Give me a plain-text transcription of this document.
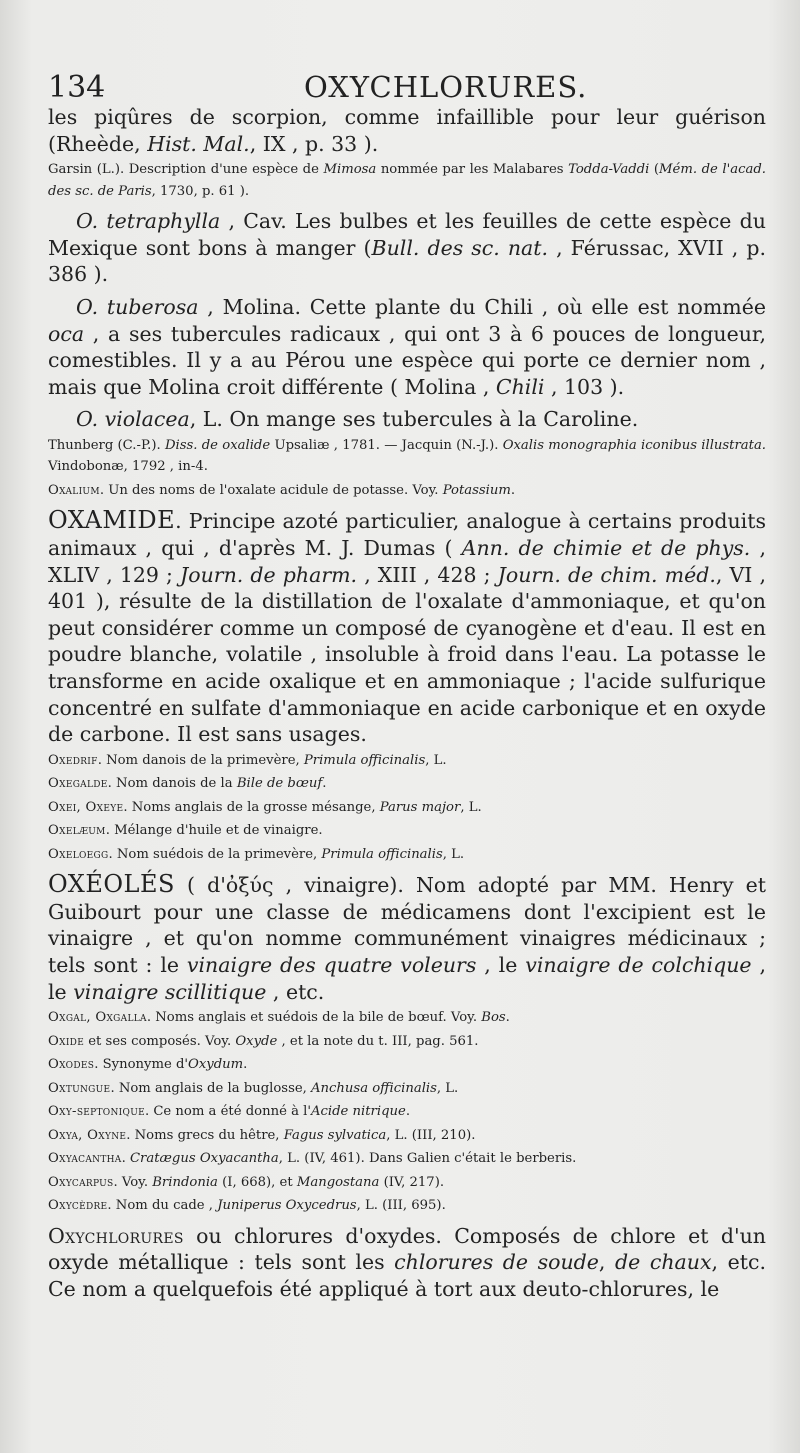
134	OXYCHLORURES.

les piqûres de scorpion, comme infaillible pour leur guérison (Rheède, Hist. Mal., IX , p. 33 ).

Garsin (L.). Description d'une espèce de Mimosa nommée par les Malabares Todda-Vaddi (Mém. de l'acad. des sc. de Paris, 1730, p. 61 ).

O. tetraphylla , Cav. Les bulbes et les feuilles de cette espèce du Mexique sont bons à manger (Bull. des sc. nat. , Férussac, XVII , p. 386 ).

O. tuberosa , Molina. Cette plante du Chili , où elle est nommée oca , a ses tubercules radicaux , qui ont 3 à 6 pouces de longueur, comestibles. Il y a au Pérou une espèce qui porte ce dernier nom , mais que Molina croit différente ( Molina , Chili , 103 ).

O. violacea, L. On mange ses tubercules à la Caroline.

Thunberg (C.-P.). Diss. de oxalide Upsaliæ , 1781. — Jacquin (N.-J.). Oxalis monographia iconibus illustrata. Vindobonæ, 1792 , in-4.

Oxalium. Un des noms de l'oxalate acidule de potasse. Voy. Potassium.

OXAMIDE. Principe azoté particulier, analogue à certains produits animaux , qui , d'après M. J. Dumas ( Ann. de chimie et de phys. , XLIV , 129 ; Journ. de pharm. , XIII , 428 ; Journ. de chim. méd., VI , 401 ), résulte de la distillation de l'oxalate d'ammoniaque, et qu'on peut considérer comme un composé de cyanogène et d'eau. Il est en poudre blanche, volatile , insoluble à froid dans l'eau. La potasse le transforme en acide oxalique et en ammoniaque ; l'acide sulfurique concentré en sulfate d'ammoniaque en acide carbonique et en oxyde de carbone. Il est sans usages.

Oxedrif. Nom danois de la primevère, Primula officinalis, L.

Oxegalde. Nom danois de la Bile de bœuf.

Oxei, Oxeye. Noms anglais de la grosse mésange, Parus major, L.

Oxelæum. Mélange d'huile et de vinaigre.

Oxeloegg. Nom suédois de la primevère, Primula officinalis, L.

OXÉOLÉS ( d'ὀξύς , vinaigre). Nom adopté par MM. Henry et Guibourt pour une classe de médicamens dont l'excipient est le vinaigre , et qu'on nomme communément vinaigres médicinaux ; tels sont : le vinaigre des quatre voleurs , le vinaigre de colchique , le vinaigre scillitique , etc.

Oxgal, Oxgalla. Noms anglais et suédois de la bile de bœuf. Voy. Bos.

Oxide et ses composés. Voy. Oxyde , et la note du t. III, pag. 561.

Oxodes. Synonyme d'Oxydum.

Oxtungue. Nom anglais de la buglosse, Anchusa officinalis, L.

Oxy-septonique. Ce nom a été donné à l'Acide nitrique.

Oxya, Oxyne. Noms grecs du hêtre, Fagus sylvatica, L. (III, 210).

Oxyacantha. Cratægus Oxyacantha, L. (IV, 461). Dans Galien c'était le berberis.

Oxycarpus. Voy. Brindonia (I, 668), et Mangostana (IV, 217).

Oxycèdre. Nom du cade , Juniperus Oxycedrus, L. (III, 695).

Oxychlorures ou chlorures d'oxydes. Composés de chlore et d'un oxyde métallique : tels sont les chlorures de soude, de chaux, etc. Ce nom a quelquefois été appliqué à tort aux deuto-chlorures, le
